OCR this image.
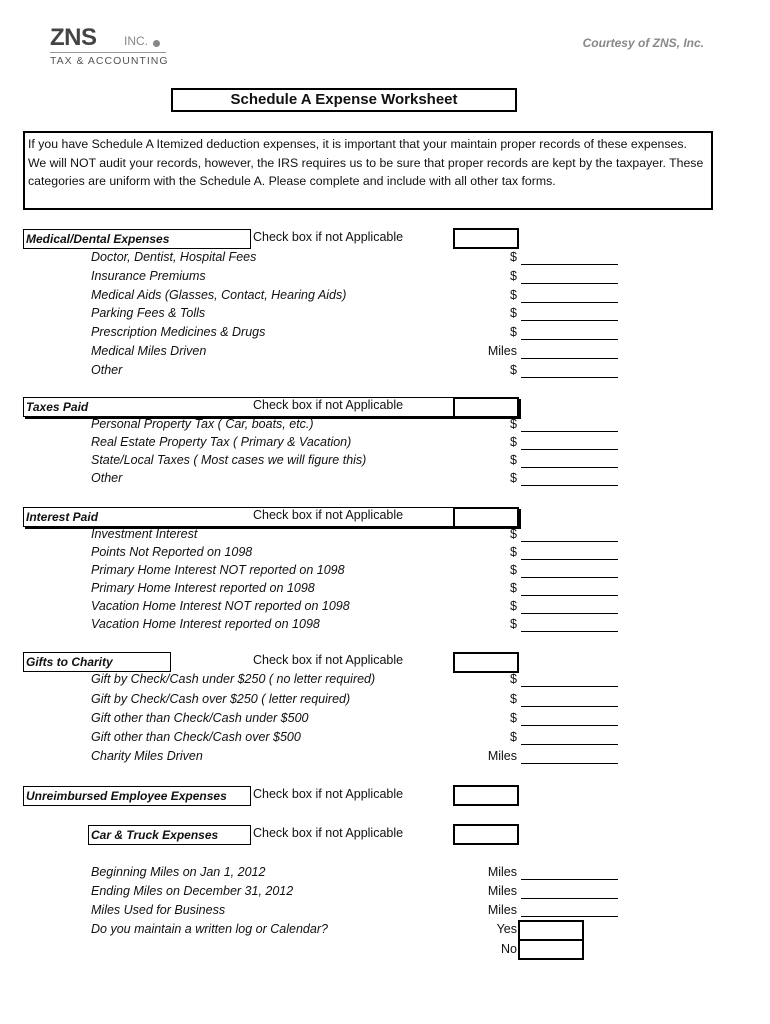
ZNS INC.
TAX & ACCOUNTING
Courtesy of ZNS, Inc.
Schedule A Expense Worksheet
If you have Schedule A Itemized deduction expenses, it is important that your maintain proper records of these expenses. We will NOT audit your records, however, the IRS requires us to be sure that proper records are kept by the taxpayer. These categories are uniform with the Schedule A. Please complete and include with all other tax forms.
Medical/Dental Expenses	Check box if not Applicable
Doctor, Dentist, Hospital Fees	$
Insurance Premiums	$
Medical Aids (Glasses, Contact, Hearing Aids)	$
Parking Fees & Tolls	$
Prescription Medicines & Drugs	$
Medical Miles Driven	Miles
Other	$
Taxes Paid	Check box if not Applicable
Personal Property Tax ( Car, boats, etc.)	$
Real Estate Property Tax ( Primary & Vacation)	$
State/Local Taxes ( Most cases we will figure this)	$
Other	$
Interest Paid	Check box if not Applicable
Investment Interest	$
Points Not Reported on 1098	$
Primary Home Interest NOT reported on 1098	$
Primary Home Interest reported on 1098	$
Vacation Home Interest NOT reported on 1098	$
Vacation Home Interest reported on 1098	$
Gifts to Charity	Check box if not Applicable
Gift by Check/Cash under $250 ( no letter required)	$
Gift by Check/Cash over $250 ( letter required)	$
Gift other than Check/Cash under $500	$
Gift other than Check/Cash over $500	$
Charity Miles Driven	Miles
Unreimbursed Employee Expenses	Check box if not Applicable
Car & Truck Expenses	Check box if not Applicable
Beginning Miles on Jan 1, 2012	Miles
Ending Miles on December 31, 2012	Miles
Miles Used for Business	Miles
Do you maintain a written log or Calendar?	Yes
No
